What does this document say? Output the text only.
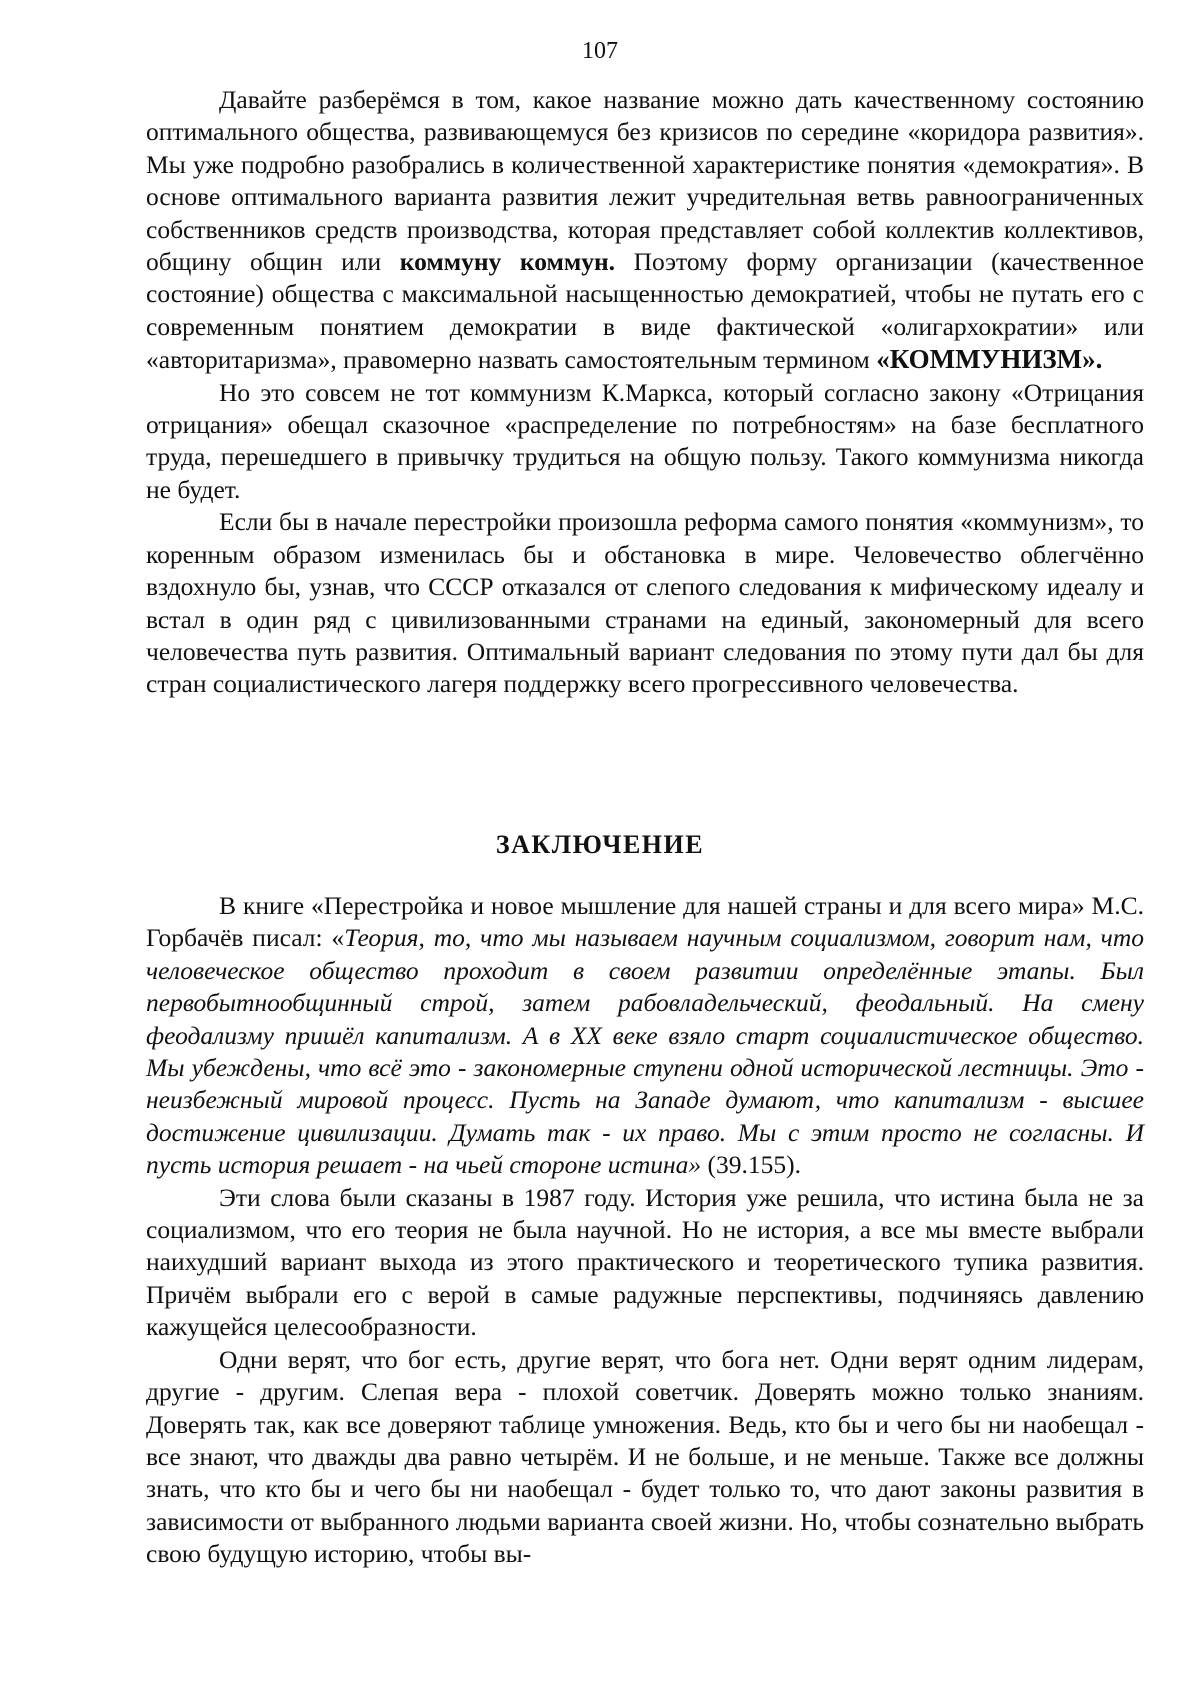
107

Давайте разберёмся в том, какое название можно дать качественному состоянию оптимального общества, развивающемуся без кризисов по середине «коридора развития». Мы уже подробно разобрались в количественной характеристике понятия «демократия». В основе оптимального варианта развития лежит учредительная ветвь равноограниченных собственников средств производства, которая представляет собой коллектив коллективов, общину общин или коммуну коммун. Поэтому форму организации (качественное состояние) общества с максимальной насыщенностью демократией, чтобы не путать его с современным понятием демократии в виде фактической «олигархократии» или «авторитаризма», правомерно назвать самостоятельным термином «КОММУНИЗМ».

Но это совсем не тот коммунизм К.Маркса, который согласно закону «Отрицания отрицания» обещал сказочное «распределение по потребностям» на базе бесплатного труда, перешедшего в привычку трудиться на общую пользу. Такого коммунизма никогда не будет.

Если бы в начале перестройки произошла реформа самого понятия «коммунизм», то коренным образом изменилась бы и обстановка в мире. Человечество облегчённо вздохнуло бы, узнав, что СССР отказался от слепого следования к мифическому идеалу и встал в один ряд с цивилизованными странами на единый, закономерный для всего человечества путь развития. Оптимальный вариант следования по этому пути дал бы для стран социалистического лагеря поддержку всего прогрессивного человечества.

ЗАКЛЮЧЕНИЕ

В книге «Перестройка и новое мышление для нашей страны и для всего мира» М.С. Горбачёв писал: «Теория, то, что мы называем научным социализмом, говорит нам, что человеческое общество проходит в своем развитии определённые этапы. Был первобытнообщинный строй, затем рабовладельческий, феодальный. На смену феодализму пришёл капитализм. А в XX веке взяло старт социалистическое общество. Мы убеждены, что всё это - закономерные ступени одной исторической лестницы. Это - неизбежный мировой процесс. Пусть на Западе думают, что капитализм - высшее достижение цивилизации. Думать так - их право. Мы с этим просто не согласны. И пусть история решает - на чьей стороне истина» (39.155).

Эти слова были сказаны в 1987 году. История уже решила, что истина была не за социализмом, что его теория не была научной. Но не история, а все мы вместе выбрали наихудший вариант выхода из этого практического и теоретического тупика развития. Причём выбрали его с верой в самые радужные перспективы, подчиняясь давлению кажущейся целесообразности.

Одни верят, что бог есть, другие верят, что бога нет. Одни верят одним лидерам, другие - другим. Слепая вера - плохой советчик. Доверять можно только знаниям. Доверять так, как все доверяют таблице умножения. Ведь, кто бы и чего бы ни наобещал - все знают, что дважды два равно четырём. И не больше, и не меньше. Также все должны знать, что кто бы и чего бы ни наобещал - будет только то, что дают законы развития в зависимости от выбранного людьми варианта своей жизни. Но, чтобы сознательно выбрать свою будущую историю, чтобы вы-
